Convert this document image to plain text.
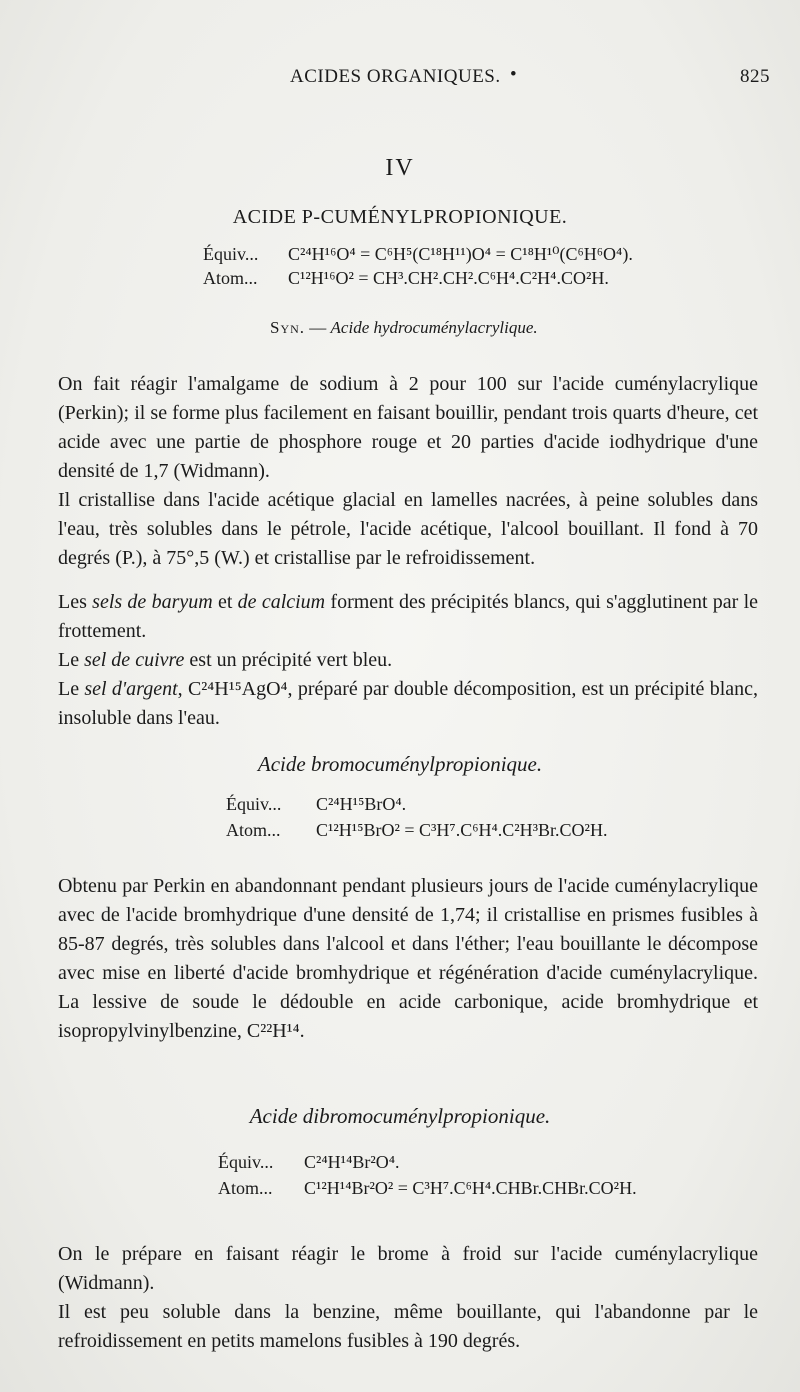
ACIDES ORGANIQUES. •	825
IV
ACIDE P-CUMÉNYLPROPIONIQUE.
Équiv... C²⁴H¹⁶O⁴ = C⁶H⁵(C¹⁸H¹¹)O⁴ = C¹⁸H¹⁰(C⁶H⁶O⁴).
Atom... C¹²H¹⁶O² = CH³.CH².CH².C⁶H⁴.C²H⁴.CO²H.
Syn. — Acide hydrocuménylacrylique.

On fait réagir l'amalgame de sodium à 2 pour 100 sur l'acide cuménylacrylique (Perkin); il se forme plus facilement en faisant bouillir, pendant trois quarts d'heure, cet acide avec une partie de phosphore rouge et 20 parties d'acide iodhydrique d'une densité de 1,7 (Widmann).

Il cristallise dans l'acide acétique glacial en lamelles nacrées, à peine solubles dans l'eau, très solubles dans le pétrole, l'acide acétique, l'alcool bouillant. Il fond à 70 degrés (P.), à 75°,5 (W.) et cristallise par le refroidissement.

Les sels de baryum et de calcium forment des précipités blancs, qui s'agglutinent par le frottement.

Le sel de cuivre est un précipité vert bleu.

Le sel d'argent, C²⁴H¹⁵AgO⁴, préparé par double décomposition, est un précipité blanc, insoluble dans l'eau.

Acide bromocuménylpropionique.
Équiv... C²⁴H¹⁵BrO⁴.
Atom... C¹²H¹⁵BrO² = C³H⁷.C⁶H⁴.C²H³Br.CO²H.

Obtenu par Perkin en abandonnant pendant plusieurs jours de l'acide cuménylacrylique avec de l'acide bromhydrique d'une densité de 1,74; il cristallise en prismes fusibles à 85-87 degrés, très solubles dans l'alcool et dans l'éther; l'eau bouillante le décompose avec mise en liberté d'acide bromhydrique et régénération d'acide cuménylacrylique. La lessive de soude le dédouble en acide carbonique, acide bromhydrique et isopropylvinylbenzine, C²²H¹⁴.

Acide dibromocuménylpropionique.
Équiv... C²⁴H¹⁴Br²O⁴.
Atom... C¹²H¹⁴Br²O² = C³H⁷.C⁶H⁴.CHBr.CHBr.CO²H.

On le prépare en faisant réagir le brome à froid sur l'acide cuménylacrylique (Widmann).

Il est peu soluble dans la benzine, même bouillante, qui l'abandonne par le refroidissement en petits mamelons fusibles à 190 degrés.
